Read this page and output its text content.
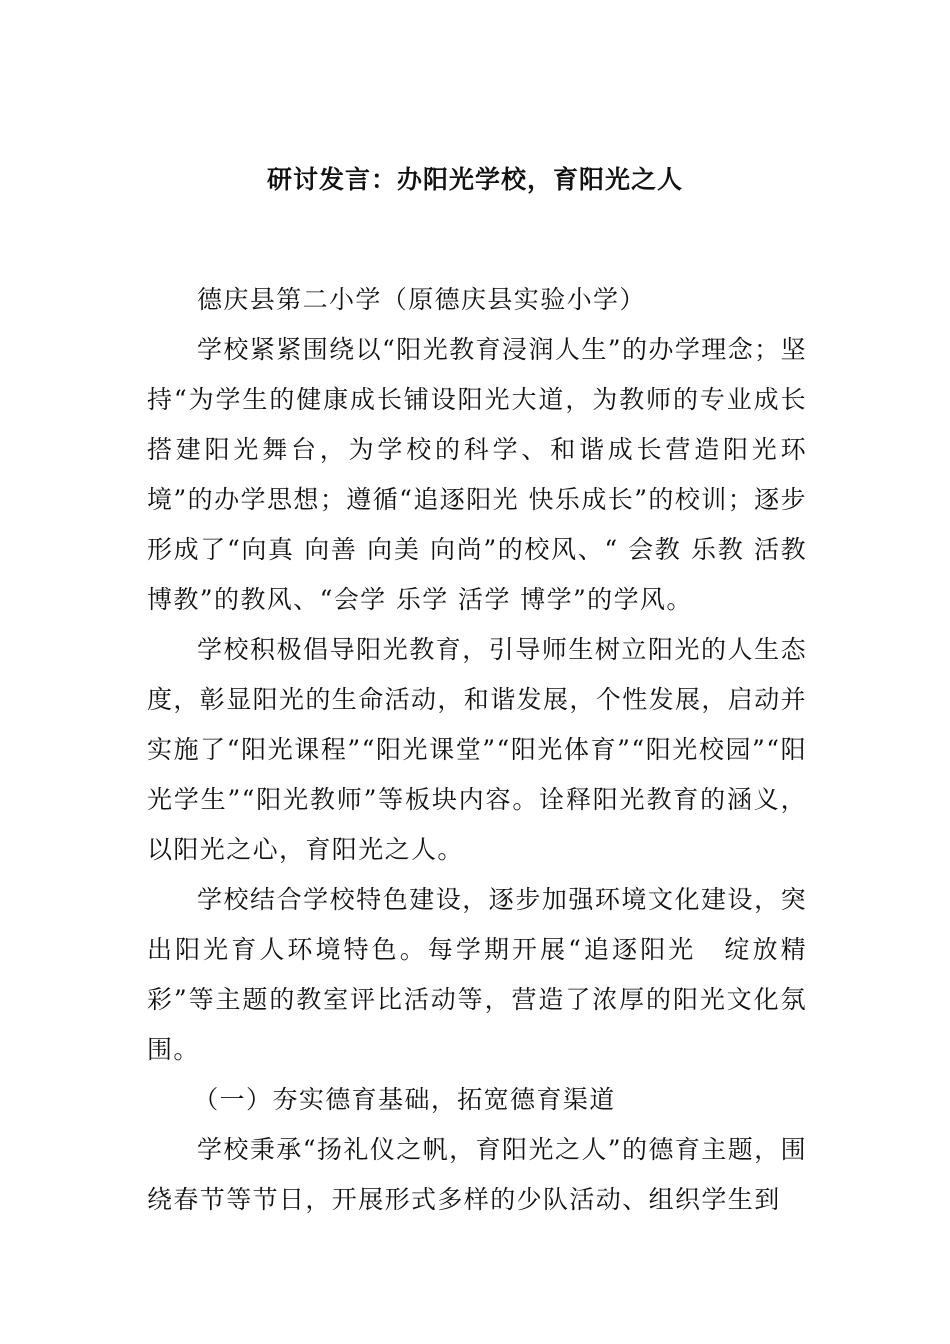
研讨发言：办阳光学校，育阳光之人

德庆县第二小学（原德庆县实验小学）

学校紧紧围绕以“阳光教育浸润人生”的办学理念；坚持“为学生的健康成长铺设阳光大道，为教师的专业成长搭建阳光舞台，为学校的科学、和谐成长营造阳光环境”的办学思想；遵循“追逐阳光 快乐成长”的校训；逐步形成了“向真 向善 向美 向尚”的校风、“ 会教 乐教 活教 博教”的教风、“会学 乐学 活学 博学”的学风。

学校积极倡导阳光教育，引导师生树立阳光的人生态度，彰显阳光的生命活动，和谐发展，个性发展，启动并实施了“阳光课程”“阳光课堂”“阳光体育”“阳光校园”“阳光学生”“阳光教师”等板块内容。诠释阳光教育的涵义，以阳光之心，育阳光之人。

学校结合学校特色建设，逐步加强环境文化建设，突出阳光育人环境特色。每学期开展“追逐阳光　绽放精彩”等主题的教室评比活动等，营造了浓厚的阳光文化氛围。

（一）夯实德育基础，拓宽德育渠道

学校秉承“扬礼仪之帆，育阳光之人”的德育主题，围绕春节等节日，开展形式多样的少队活动、组织学生到
